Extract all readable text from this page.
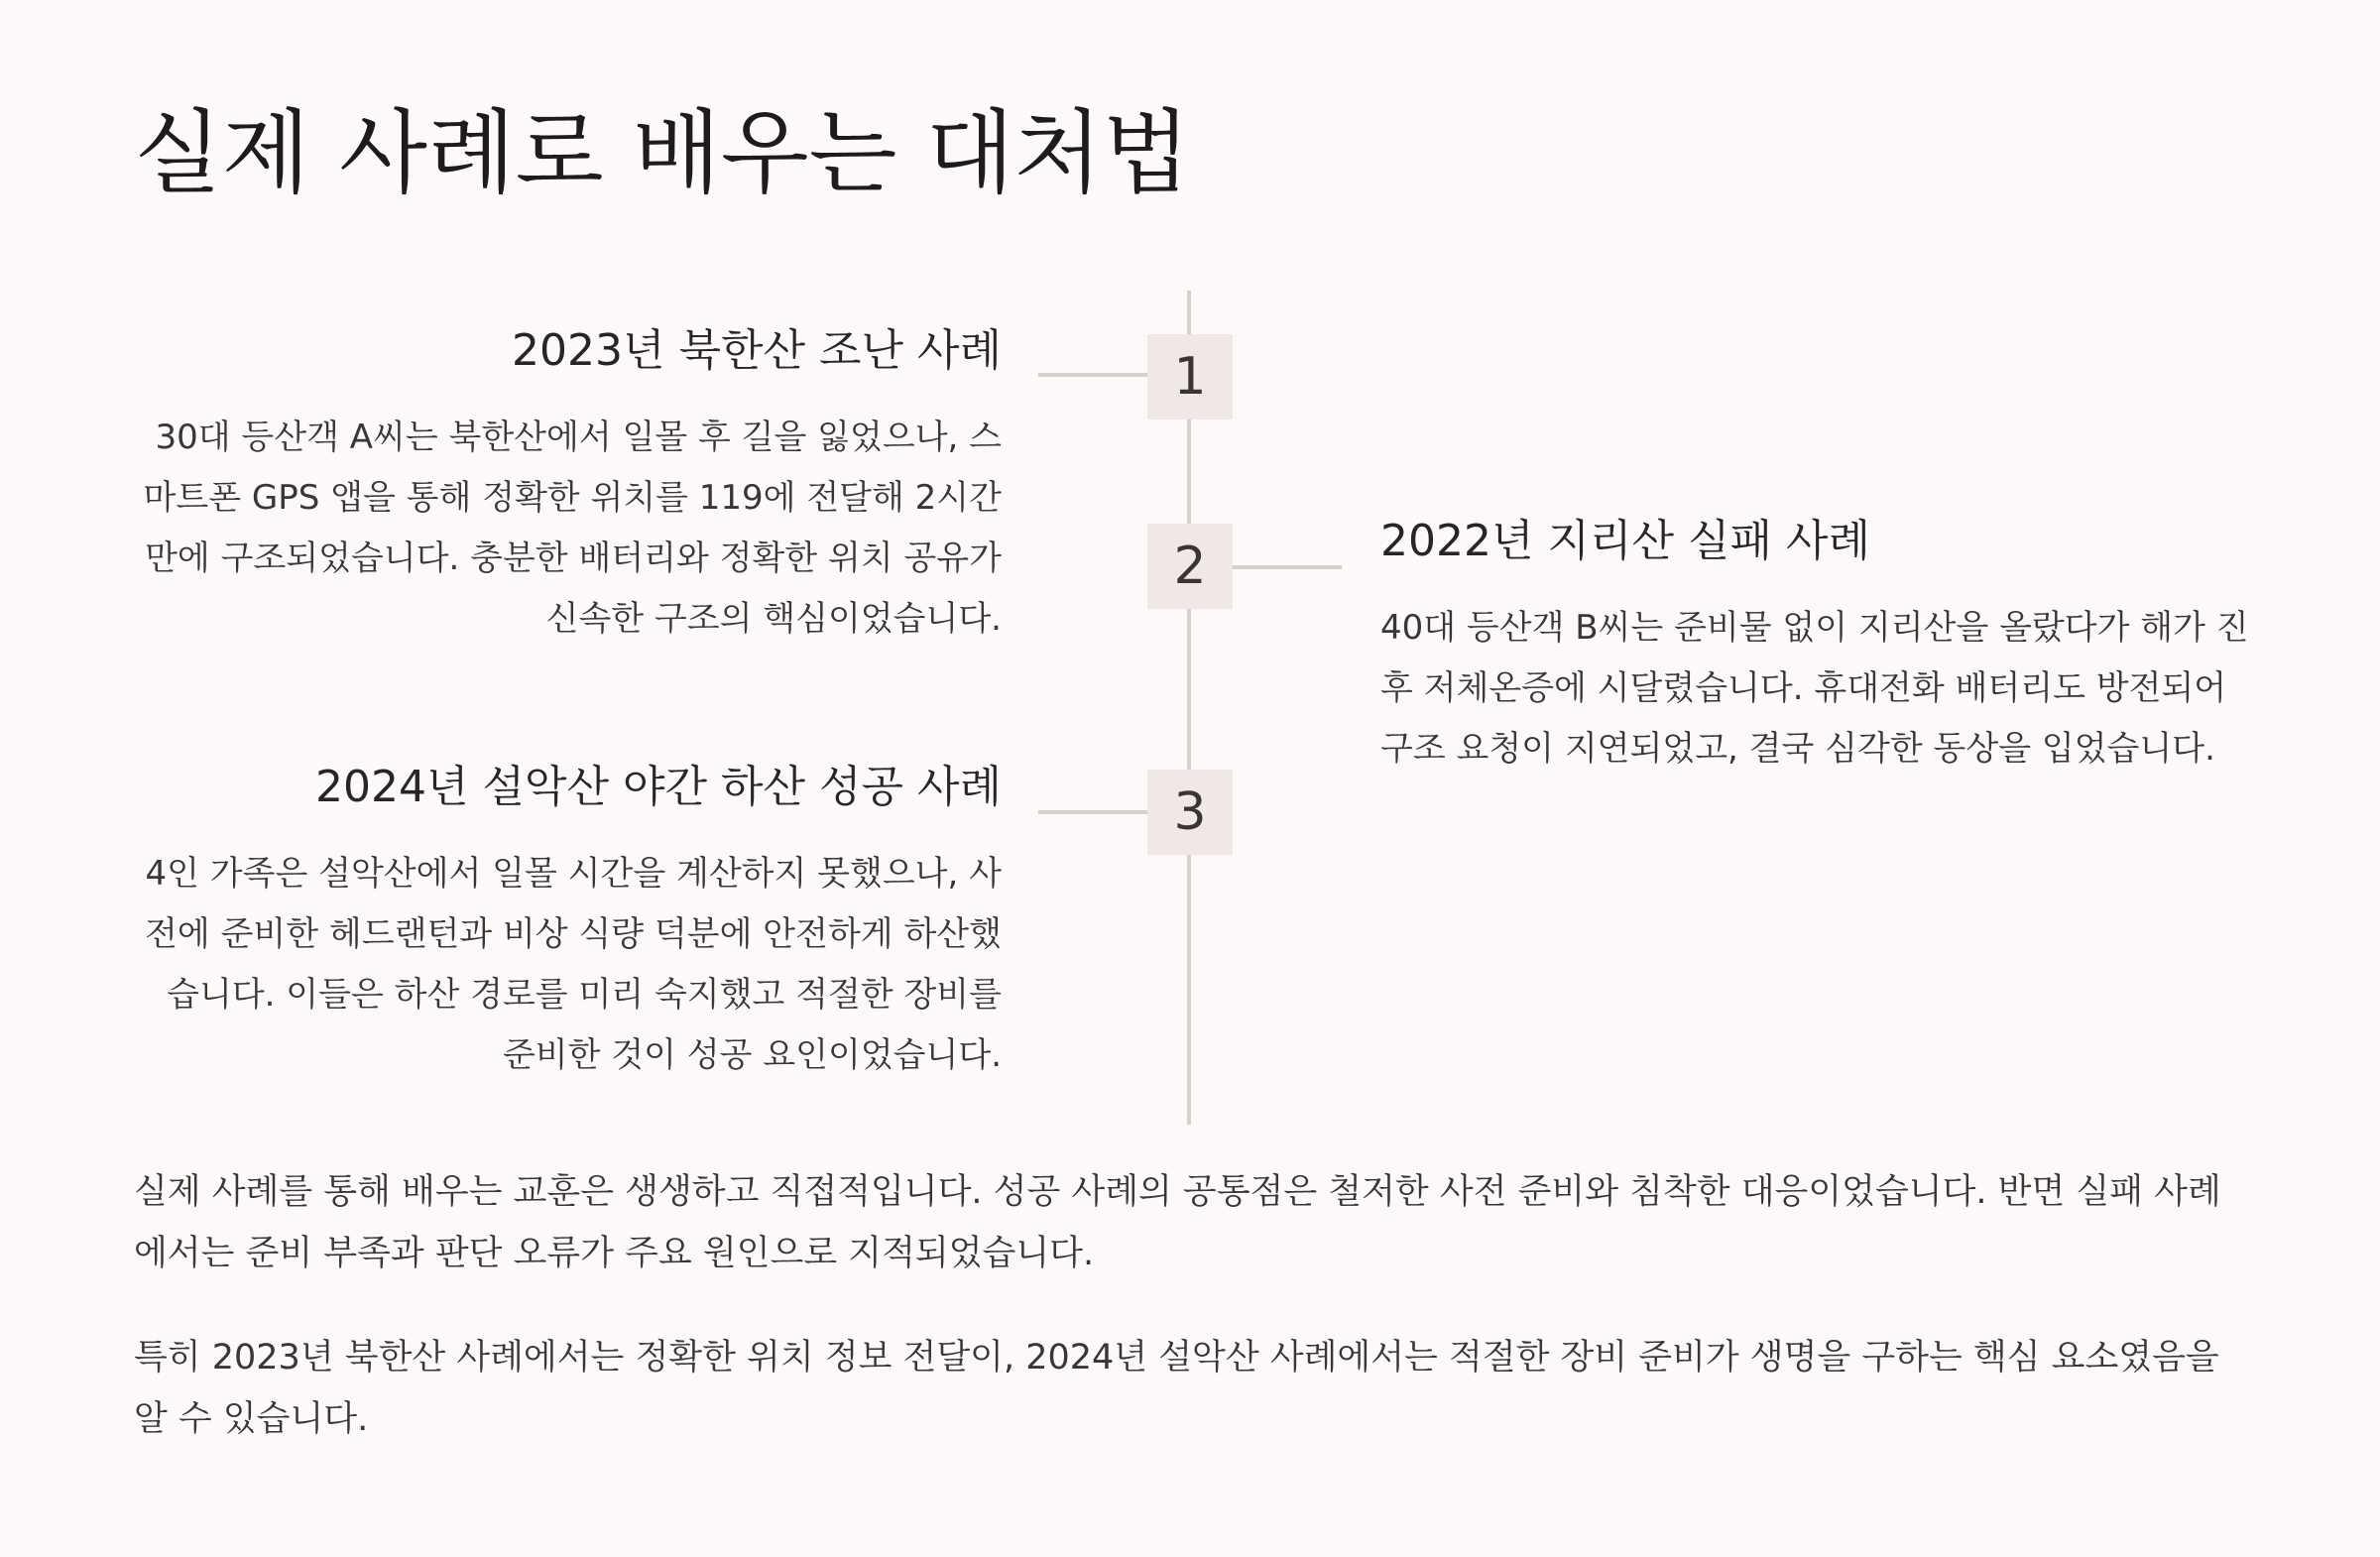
실제 사례로 배우는 대처법
1
2023년 북한산 조난 사례

30대 등산객 A씨는 북한산에서 일몰 후 길을 잃었으나, 스마트폰 GPS 앱을 통해 정확한 위치를 119에 전달해 2시간 만에 구조되었습니다. 충분한 배터리와 정확한 위치 공유가 신속한 구조의 핵심이었습니다.

2	2022년 지리산 실패 사례

40대 등산객 B씨는 준비물 없이 지리산을 올랐다가 해가 진 후 저체온증에 시달렸습니다. 휴대전화 배터리도 방전되어 구조 요청이 지연되었고, 결국 심각한 동상을 입었습니다.

3
2024년 설악산 야간 하산 성공 사례

4인 가족은 설악산에서 일몰 시간을 계산하지 못했으나, 사전에 준비한 헤드랜턴과 비상 식량 덕분에 안전하게 하산했습니다. 이들은 하산 경로를 미리 숙지했고 적절한 장비를 준비한 것이 성공 요인이었습니다.

실제 사례를 통해 배우는 교훈은 생생하고 직접적입니다. 성공 사례의 공통점은 철저한 사전 준비와 침착한 대응이었습니다. 반면 실패 사례에서는 준비 부족과 판단 오류가 주요 원인으로 지적되었습니다.

특히 2023년 북한산 사례에서는 정확한 위치 정보 전달이, 2024년 설악산 사례에서는 적절한 장비 준비가 생명을 구하는 핵심 요소였음을 알 수 있습니다.
